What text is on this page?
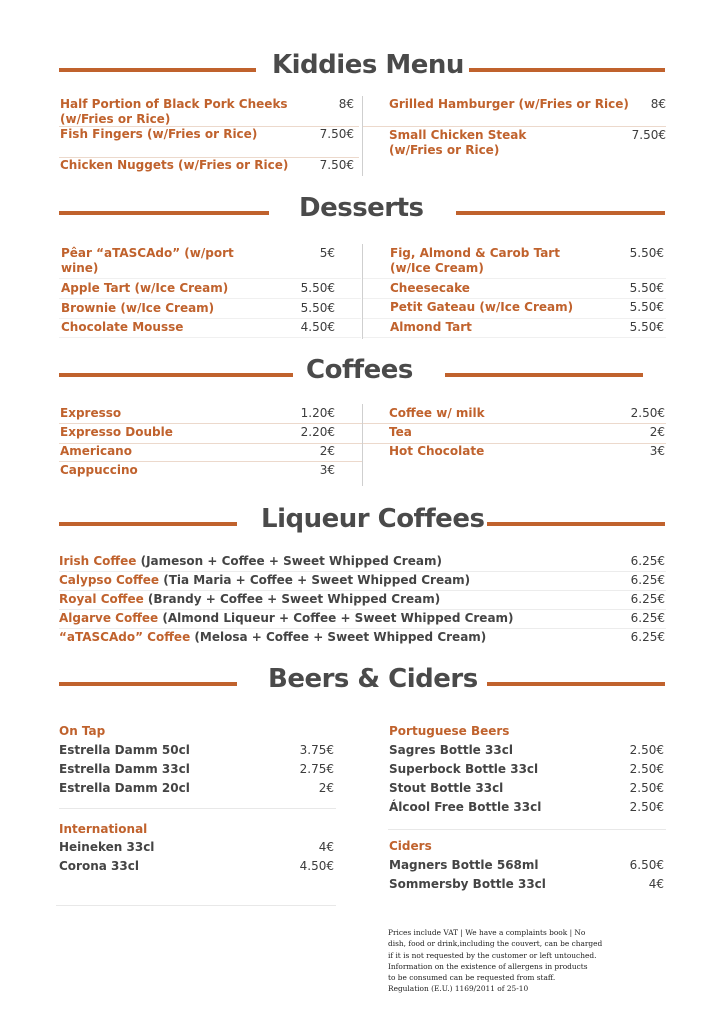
Kiddies Menu
Half Portion of Black Pork Cheeks
(w/Fries or Rice)
8€
Fish Fingers (w/Fries or Rice)	7.50€
Chicken Nuggets (w/Fries or Rice)	7.50€
Grilled Hamburger (w/Fries or Rice) 8€
Small Chicken Steak
(w/Fries or Rice)
7.50€
Desserts
Pêar “aTASCAdo” (w/port
wine)
5€
Apple Tart (w/Ice Cream)	5.50€
Brownie (w/Ice Cream)	5.50€
Chocolate Mousse	4.50€
Fig, Almond & Carob Tart
(w/Ice Cream)
5.50€
Cheesecake	5.50€
Petit Gateau (w/Ice Cream)	5.50€
Almond Tart	5.50€
Coffees
Expresso	1.20€
Expresso Double	2.20€
Americano	2€
Cappuccino	3€
Coffee w/ milk	2.50€
Tea	2€
Hot Chocolate	3€
Liqueur Coffees
Irish Coffee (Jameson + Coffee + Sweet Whipped Cream)	6.25€
Calypso Coffee (Tia Maria + Coffee + Sweet Whipped Cream)	6.25€
Royal Coffee (Brandy + Coffee + Sweet Whipped Cream)	6.25€
Algarve Coffee (Almond Liqueur + Coffee + Sweet Whipped Cream)	6.25€
“aTASCAdo” Coffee (Melosa + Coffee + Sweet Whipped Cream)	6.25€
Beers & Ciders
On Tap
Estrella Damm 50cl	3.75€
Estrella Damm 33cl	2.75€
Estrella Damm 20cl	2€
International
Heineken 33cl	4€
Corona 33cl	4.50€
Portuguese Beers
Sagres Bottle 33cl	2.50€
Superbock Bottle 33cl	2.50€
Stout Bottle 33cl	2.50€
Álcool Free Bottle 33cl	2.50€
Ciders
Magners Bottle 568ml	6.50€
Sommersby Bottle 33cl	4€
Prices include VAT | We have a complaints book | No
dish, food or drink,including the couvert, can be charged
if it is not requested by the customer or left untouched.
Information on the existence of allergens in products
to be consumed can be requested from staff.
Regulation (E.U.) 1169/2011 of 25-10
